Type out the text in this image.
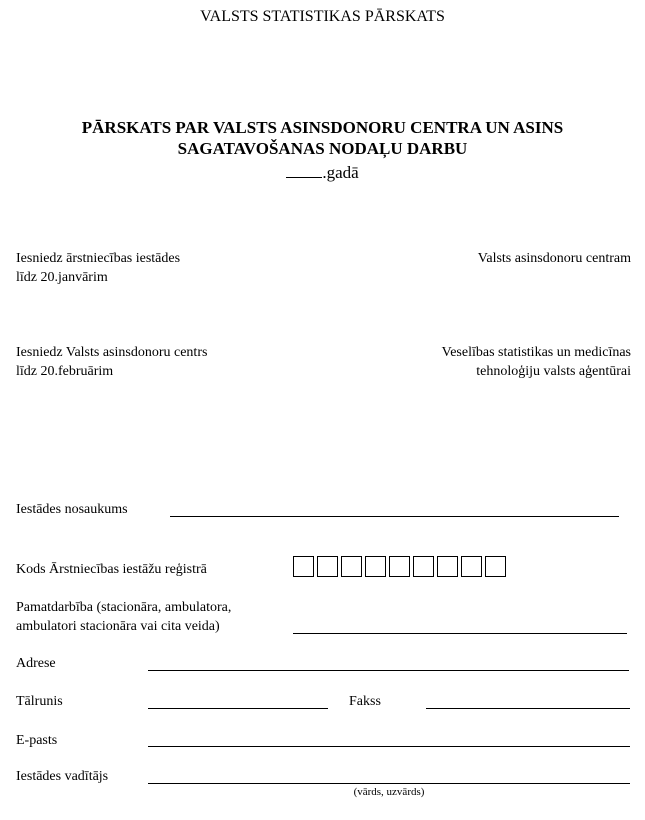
VALSTS STATISTIKAS PĀRSKATS
PĀRSKATS PAR VALSTS ASINSDONORU CENTRA UN ASINS
SAGATAVOŠANAS NODAĻU DARBU
.gadā
Iesniedz ārstniecības iestādes
līdz 20.janvārim
Valsts asinsdonoru centram
Iesniedz Valsts asinsdonoru centrs
līdz 20.februārim
Veselības statistikas un medicīnas
tehnoloģiju valsts aģentūrai
Iestādes nosaukums
Kods Ārstniecības iestāžu reģistrā
Pamatdarbība (stacionāra, ambulatora,
ambulatori stacionāra vai cita veida)
Adrese
Tālrunis	Fakss
E-pasts
Iestādes vadītājs
(vārds, uzvārds)
